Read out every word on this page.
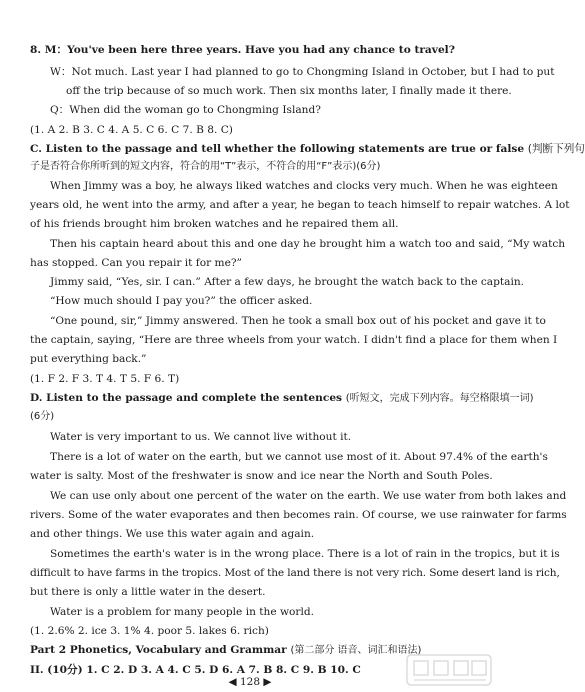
8. M：You've been here three years. Have you had any chance to travel?
W：Not much. Last year I had planned to go to Chongming Island in October, but I had to put
off the trip because of so much work. Then six months later, I finally made it there.
Q：When did the woman go to Chongming Island?
(1. A 2. B 3. C 4. A 5. C 6. C 7. B 8. C)
C. Listen to the passage and tell whether the following statements are true or false (判断下列句
子是否符合你所听到的短文内容，符合的用“T”表示，不符合的用“F”表示)(6分)
When Jimmy was a boy, he always liked watches and clocks very much. When he was eighteen
years old, he went into the army, and after a year, he began to teach himself to repair watches. A lot
of his friends brought him broken watches and he repaired them all.
Then his captain heard about this and one day he brought him a watch too and said, “My watch
has stopped. Can you repair it for me?”
Jimmy said, “Yes, sir. I can.” After a few days, he brought the watch back to the captain.
“How much should I pay you?” the officer asked.
“One pound, sir,” Jimmy answered. Then he took a small box out of his pocket and gave it to
the captain, saying, “Here are three wheels from your watch. I didn't find a place for them when I
put everything back.”
(1. F 2. F 3. T 4. T 5. F 6. T)
D. Listen to the passage and complete the sentences (听短文，完成下列内容。每空格限填一词)
(6分)
Water is very important to us. We cannot live without it.
There is a lot of water on the earth, but we cannot use most of it. About 97.4% of the earth's
water is salty. Most of the freshwater is snow and ice near the North and South Poles.
We can use only about one percent of the water on the earth. We use water from both lakes and
rivers. Some of the water evaporates and then becomes rain. Of course, we use rainwater for farms
and other things. We use this water again and again.
Sometimes the earth's water is in the wrong place. There is a lot of rain in the tropics, but it is
difficult to have farms in the tropics. Most of the land there is not very rich. Some desert land is rich,
but there is only a little water in the desert.
Water is a problem for many people in the world.
(1. 2.6% 2. ice 3. 1% 4. poor 5. lakes 6. rich)
Part 2 Phonetics, Vocabulary and Grammar (第二部分 语音、词汇和语法)
II. (10分) 1. C 2. D 3. A 4. C 5. D 6. A 7. B 8. C 9. B 10. C
◀ 128 ▶
